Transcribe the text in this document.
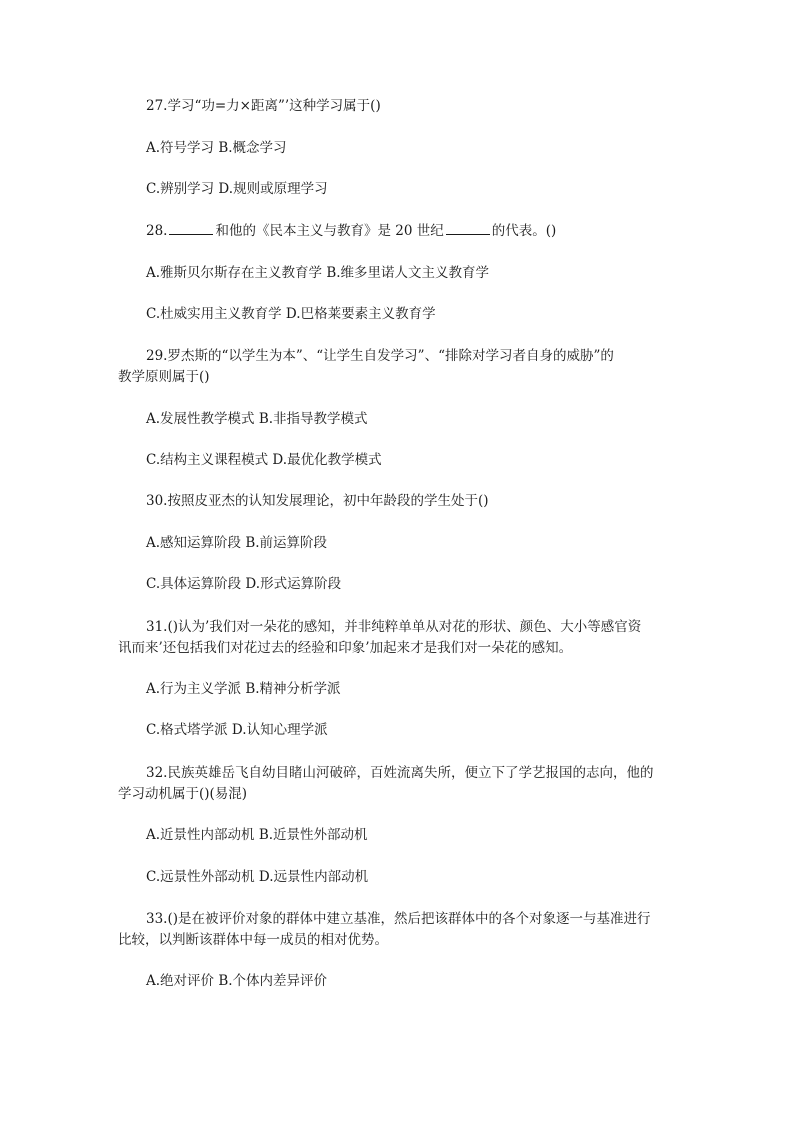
27.学习“功=力×距离”’这种学习属于()
A.符号学习 B.概念学习
C.辨别学习 D.规则或原理学习
28.	和他的《民本主义与教育》是 20 世纪	的代表。()
A.雅斯贝尔斯存在主义教育学 B.维多里诺人文主义教育学
C.杜威实用主义教育学 D.巴格莱要素主义教育学
29.罗杰斯的“以学生为本”、“让学生自发学习”、“排除对学习者自身的威胁”的
教学原则属于()
A.发展性教学模式 B.非指导教学模式
C.结构主义课程模式 D.最优化教学模式
30.按照皮亚杰的认知发展理论，初中年龄段的学生处于()
A.感知运算阶段 B.前运算阶段
C.具体运算阶段 D.形式运算阶段
31.()认为’我们对一朵花的感知，并非纯粹单单从对花的形状、颜色、大小等感官资
讯而来’还包括我们对花过去的经验和印象’加起来才是我们对一朵花的感知。
A.行为主义学派 B.精神分析学派
C.格式塔学派 D.认知心理学派
32.民族英雄岳飞自幼目睹山河破碎，百姓流离失所，便立下了学艺报国的志向，他的
学习动机属于()(易混)
A.近景性内部动机 B.近景性外部动机
C.远景性外部动机 D.远景性内部动机
33.()是在被评价对象的群体中建立基准，然后把该群体中的各个对象逐一与基准进行
比较，以判断该群体中每一成员的相对优势。
A.绝对评价 B.个体内差异评价
